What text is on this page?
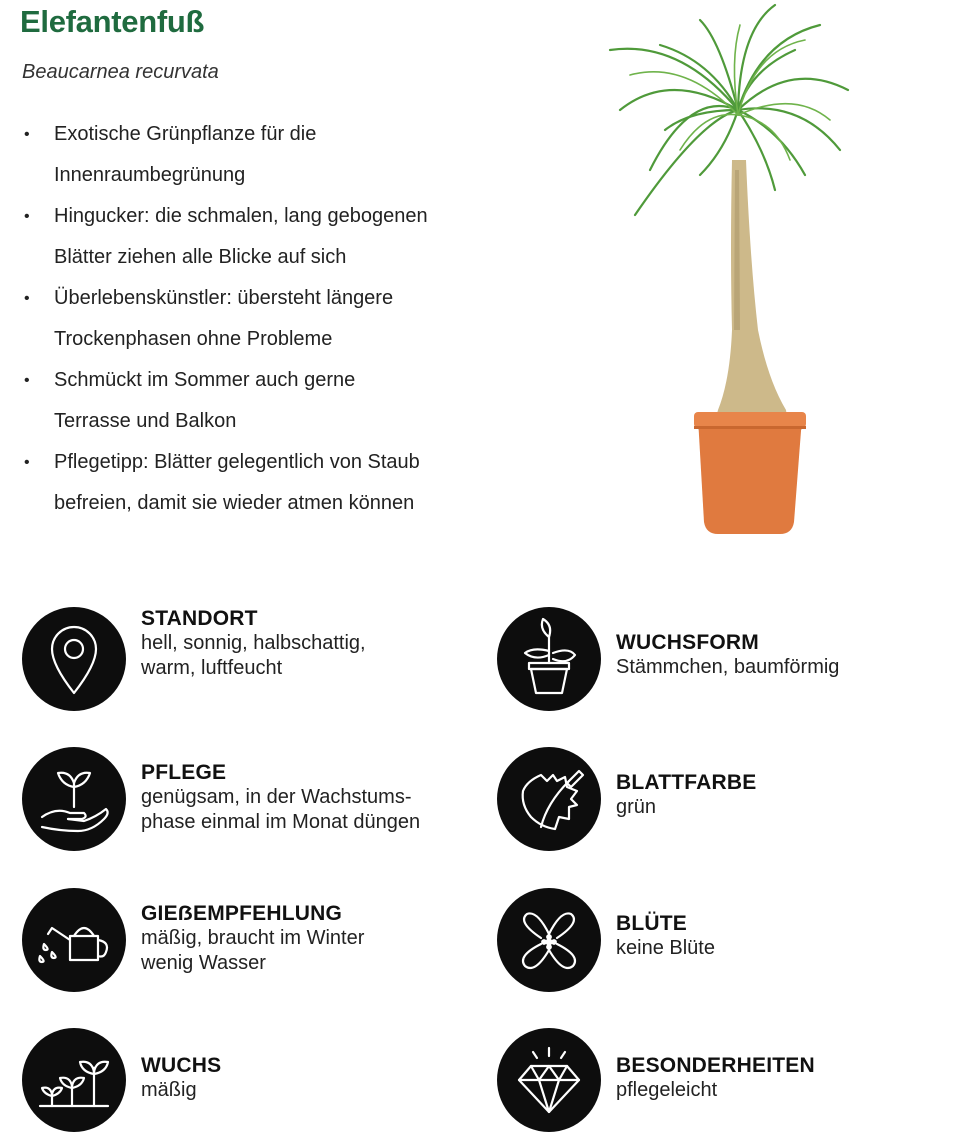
Elefantenfuß

Beaucarnea recurvata

• Exotische Grünpflanze für die
Innenraumbegrünung
• Hingucker: die schmalen, lang gebogenen
Blätter ziehen alle Blicke auf sich
• Überlebenskünstler: übersteht längere
Trockenphasen ohne Probleme
• Schmückt im Sommer auch gerne
Terrasse und Balkon
• Pflegetipp: Blätter gelegentlich von Staub
befreien, damit sie wieder atmen können
STANDORT
hell, sonnig, halbschattig,
warm, luftfeucht
WUCHSFORM
Stämmchen, baumförmig
PFLEGE
genügsam, in der Wachstums-
phase einmal im Monat düngen
BLATTFARBE
grün
GIEẞEMPFEHLUNG
mäßig, braucht im Winter
wenig Wasser
BLÜTE
keine Blüte
WUCHS
mäßig
BESONDERHEITEN
pflegeleicht
